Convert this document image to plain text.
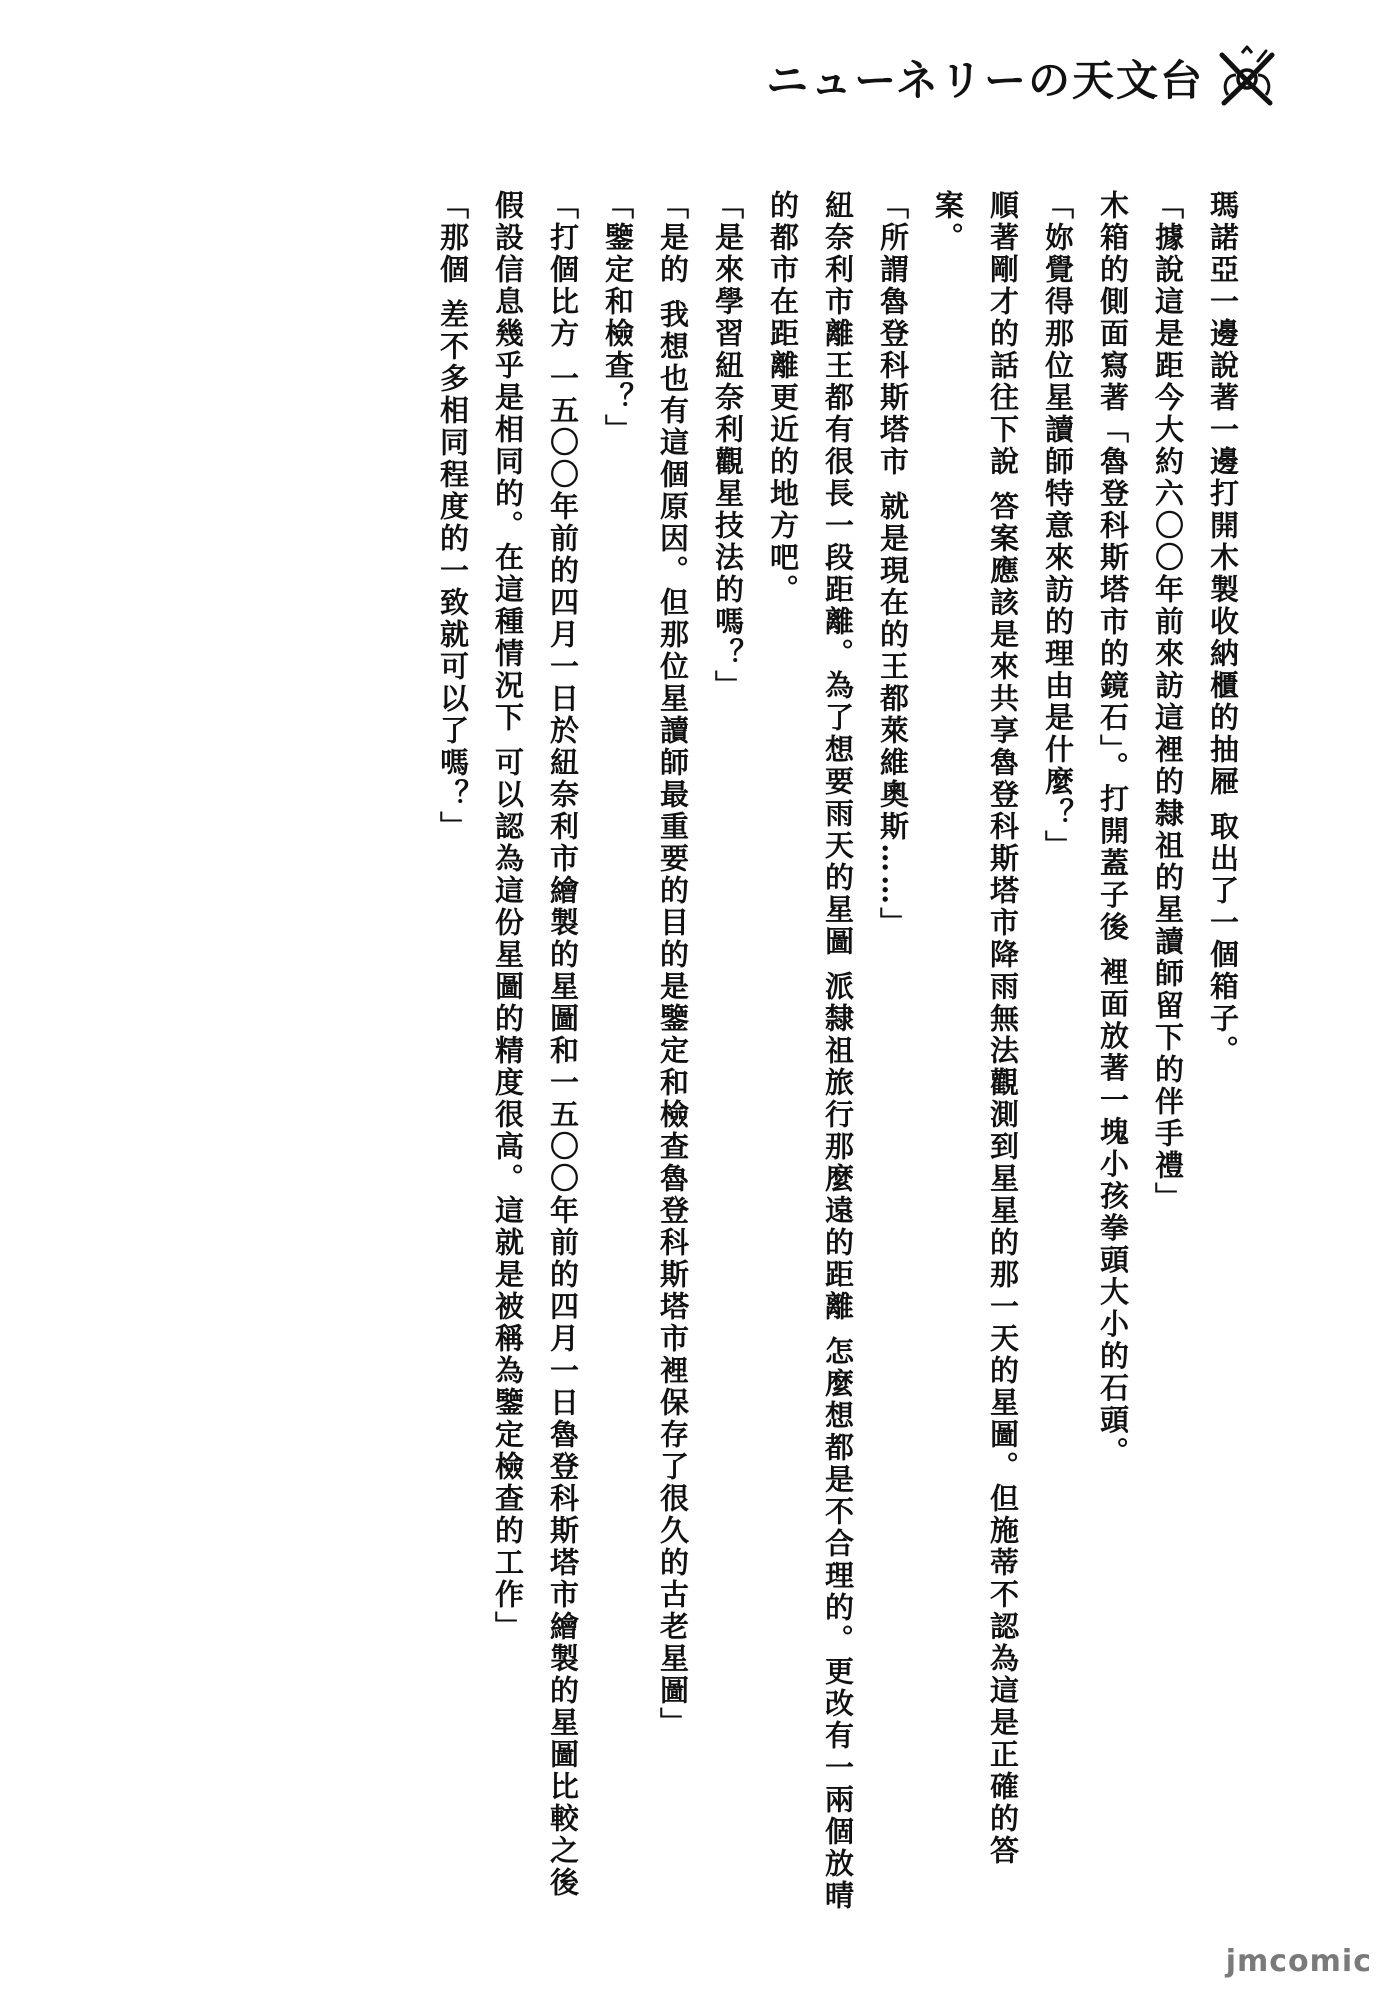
ニューネリーの天文台

瑪諾亞一邊說著一邊打開木製收納櫃的抽屜 取出了一個箱子。

「據說這是距今大約六〇〇年前來訪這裡的隸祖的星讀師留下的伴手禮」

木箱的側面寫著「魯登科斯塔市的鏡石」。打開蓋子後 裡面放著一塊小孩拳頭大小的石頭。

「妳覺得那位星讀師特意來訪的理由是什麼？」

順著剛才的話往下說 答案應該是來共享魯登科斯塔市降雨無法觀測到星星的那一天的星圖。但施蒂不認為這是正確的答案。

「所謂魯登科斯塔市 就是現在的王都萊維奧斯……」

紐奈利市離王都有很長一段距離。為了想要雨天的星圖 派隸祖旅行那麼遠的距離 怎麼想都是不合理的。更改有一兩個放晴的都市在距離更近的地方吧。

「是來學習紐奈利觀星技法的嗎？」

「是的 我想也有這個原因。但那位星讀師最重要的目的是鑒定和檢查魯登科斯塔市裡保存了很久的古老星圖」

「鑒定和檢查？」

「打個比方 一五〇〇年前的四月一日於紐奈利市繪製的星圖和一五〇〇年前的四月一日魯登科斯塔市繪製的星圖比較之後假設信息幾乎是相同的。在這種情況下 可以認為這份星圖的精度很高。這就是被稱為鑒定檢查的工作」

「那個 差不多相同程度的一致就可以了嗎？」

jmcomic
